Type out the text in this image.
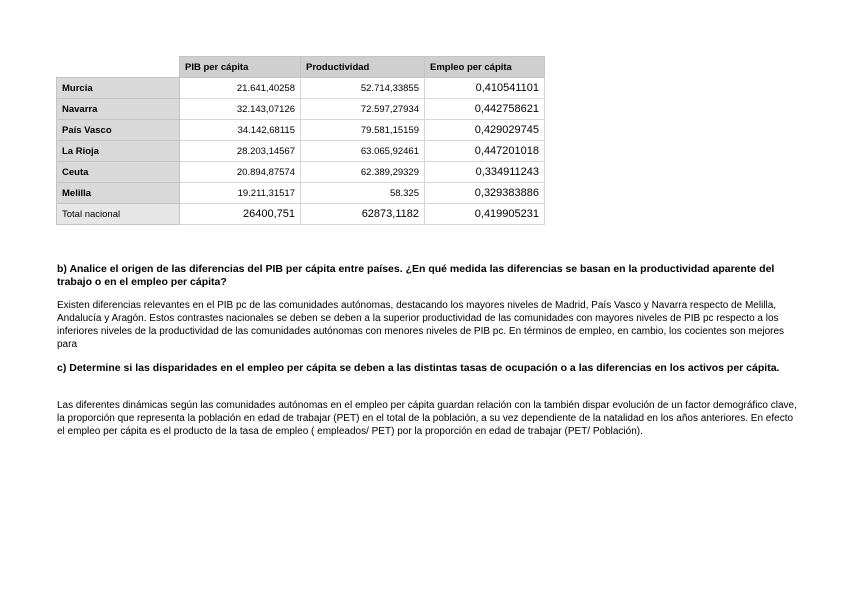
	PIB per cápita	Productividad	Empleo per cápita
Murcia	21.641,40258	52.714,33855	0,410541101
Navarra	32.143,07126	72.597,27934	0,442758621
País Vasco	34.142,68115	79.581,15159	0,429029745
La Rioja	28.203,14567	63.065,92461	0,447201018
Ceuta	20.894,87574	62.389,29329	0,334911243
Melilla	19.211,31517	58.325	0,329383886
Total nacional	26400,751	62873,1182	0,419905231
b) Analice el origen de las diferencias del PIB per cápita entre países. ¿En qué medida las diferencias se basan en la productividad aparente del trabajo o en el empleo per cápita?
Existen diferencias relevantes en el PIB pc de las comunidades autónomas, destacando los mayores niveles de Madrid, País Vasco y Navarra respecto de Melilla, Andalucía y Aragón. Estos contrastes nacionales se deben se deben a la superior productividad de las comunidades con mayores niveles de PIB pc respecto a los inferiores niveles de la productividad de las comunidades autónomas con menores niveles de PIB pc. En términos de empleo, en cambio, los cocientes son mejores para
c) Determine si las disparidades en el empleo per cápita se deben a las distintas tasas de ocupación o a las diferencias en los activos per cápita.
Las diferentes dinámicas según las comunidades autónomas en el empleo per cápita guardan relación con la también dispar evolución de un factor demográfico clave, la proporción que representa la población en edad de trabajar (PET) en el total de la población, a su vez dependiente de la natalidad en los años anteriores. En efecto el empleo per cápita es el producto de la tasa de empleo ( empleados/ PET) por la proporción en edad de trabajar (PET/ Población).
